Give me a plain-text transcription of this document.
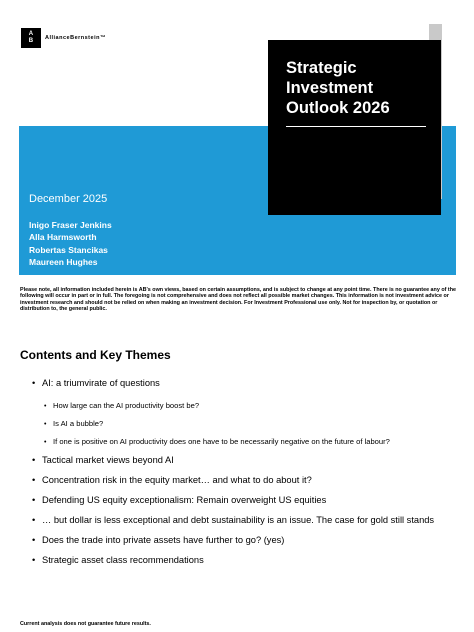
A
B AllianceBernstein™
Strategic Investment Outlook 2026
December 2025
Inigo Fraser Jenkins
Alla Harmsworth
Robertas Stancikas
Maureen Hughes
Please note, all information included herein is AB's own views, based on certain assumptions, and is subject to change at any point time. There is no guarantee any of the following will occur in part or in full. The foregoing is not comprehensive and does not reflect all possible market changes. This information is not investment advice or investment research and should not be relied on when making an investment decision. For Investment Professional use only. Not for inspection by, or quotation or distribution to, the general public.
Contents and Key Themes
• AI: a triumvirate of questions
• How large can the AI productivity boost be?
• Is AI a bubble?
• If one is positive on AI productivity does one have to be necessarily negative on the future of labour?
• Tactical market views beyond AI
• Concentration risk in the equity market… and what to do about it?
• Defending US equity exceptionalism: Remain overweight US equities
• … but dollar is less exceptional and debt sustainability is an issue. The case for gold still stands
• Does the trade into private assets have further to go? (yes)
• Strategic asset class recommendations
Current analysis does not guarantee future results.
